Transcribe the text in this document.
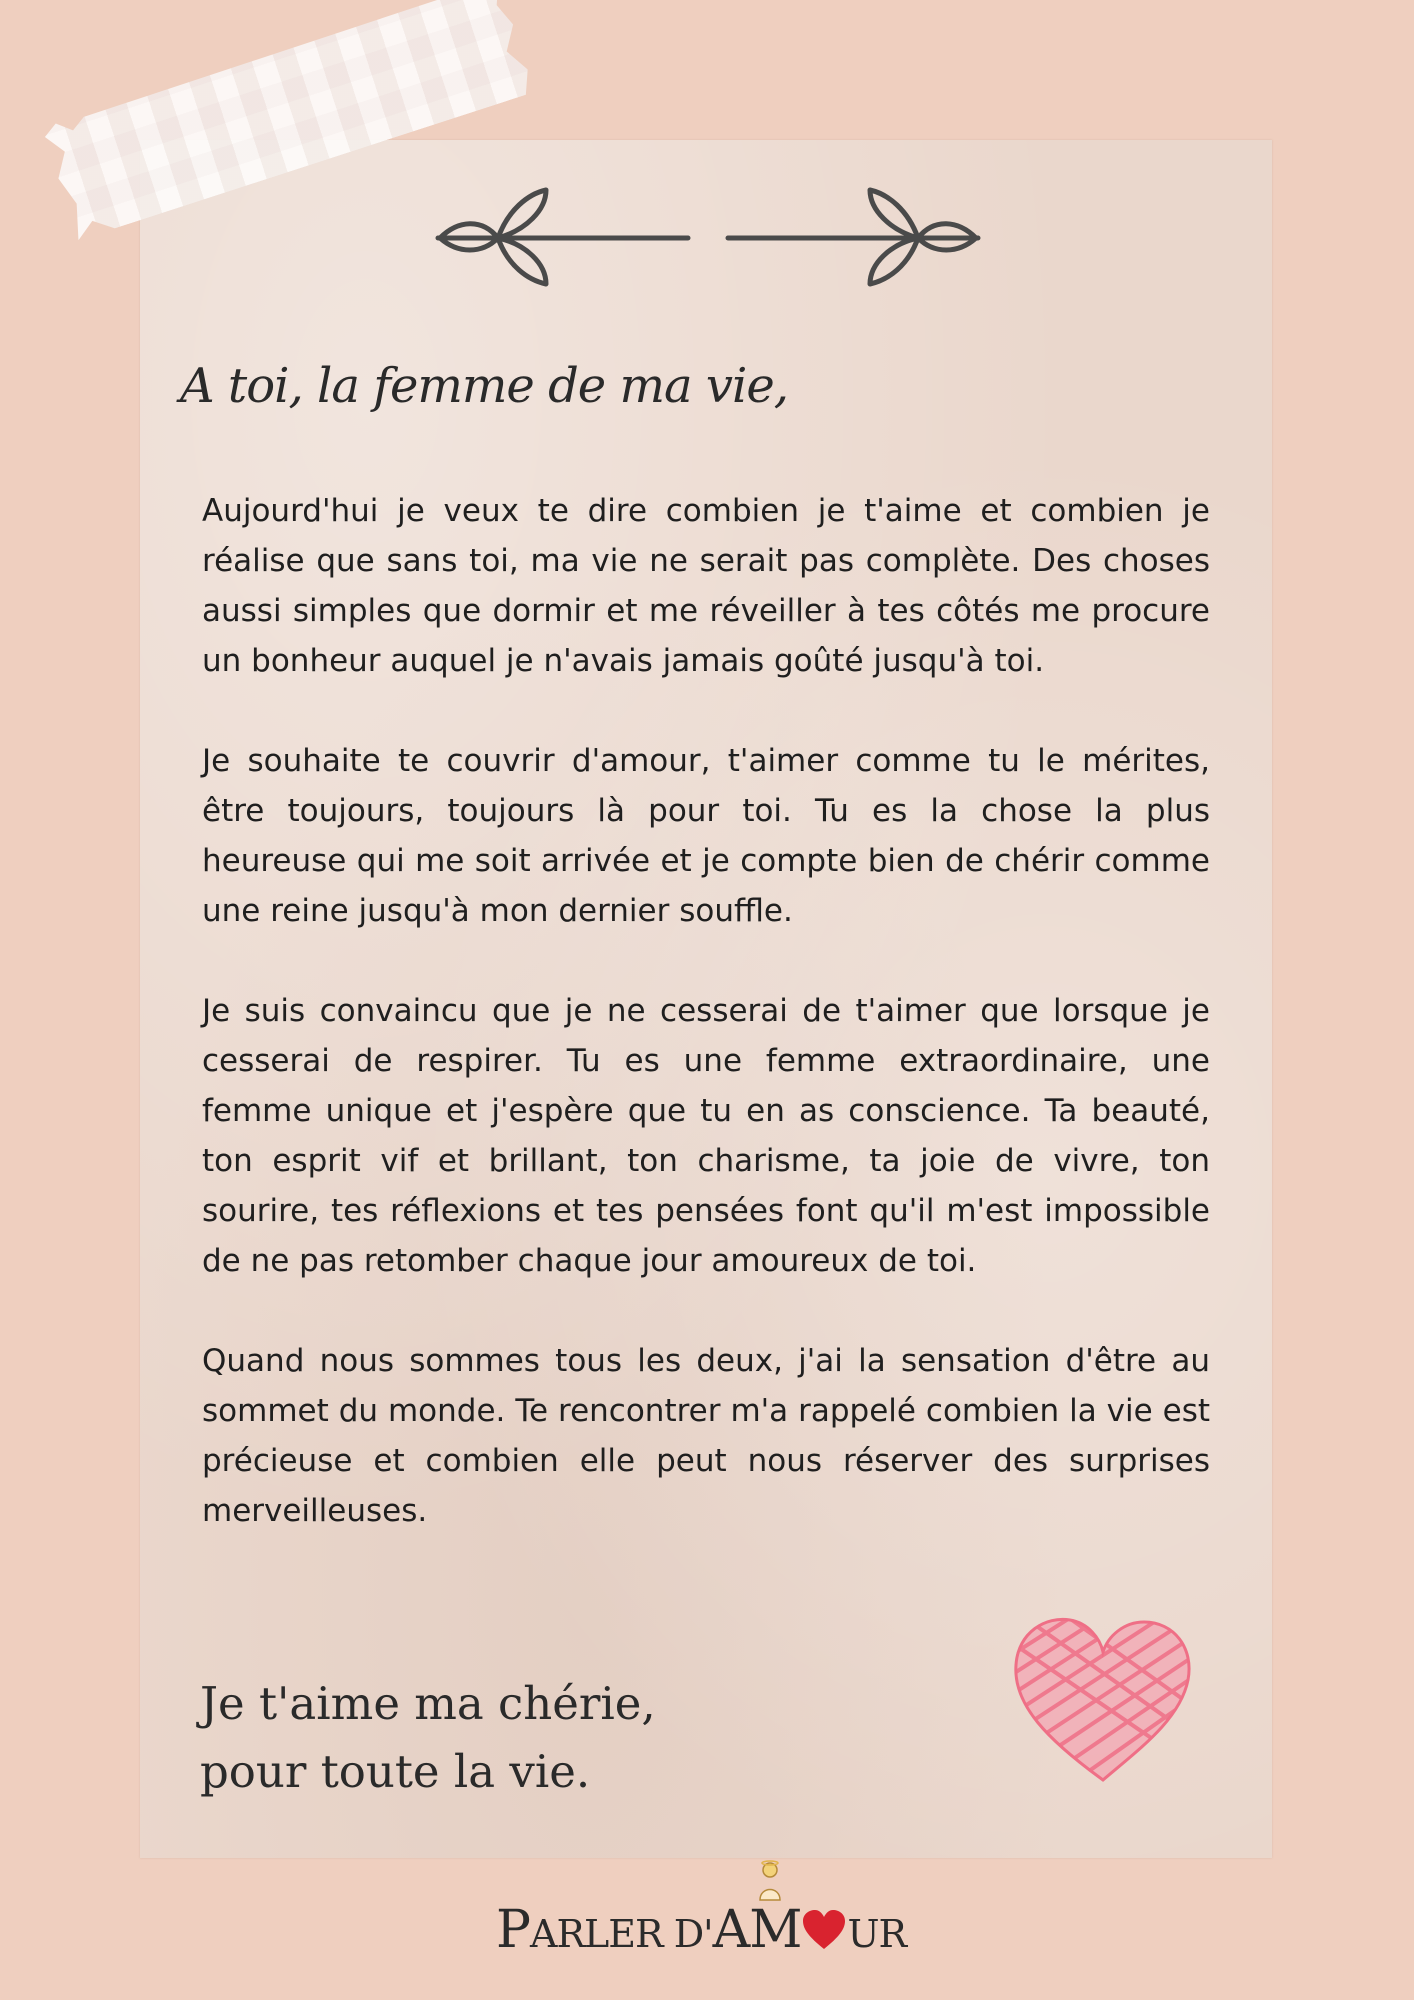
A toi, la femme de ma vie,

Aujourd'hui je veux te dire combien je t'aime et combien je réalise que sans toi, ma vie ne serait pas complète. Des choses aussi simples que dormir et me réveiller à tes côtés me procure un bonheur auquel je n'avais jamais goûté jusqu'à toi.

Je souhaite te couvrir d'amour, t'aimer comme tu le mérites, être toujours, toujours là pour toi. Tu es la chose la plus heureuse qui me soit arrivée et je compte bien de chérir comme une reine jusqu'à mon dernier souffle.

Je suis convaincu que je ne cesserai de t'aimer que lorsque je cesserai de respirer. Tu es une femme extraordinaire, une femme unique et j'espère que tu en as conscience. Ta beauté, ton esprit vif et brillant, ton charisme, ta joie de vivre, ton sourire, tes réflexions et tes pensées font qu'il m'est impossible de ne pas retomber chaque jour amoureux de toi.

Quand nous sommes tous les deux, j'ai la sensation d'être au sommet du monde. Te rencontrer m'a rappelé combien la vie est précieuse et combien elle peut nous réserver des surprises merveilleuses.

Je t'aime ma chérie, pour toute la vie.

PARLER D'AM UR
